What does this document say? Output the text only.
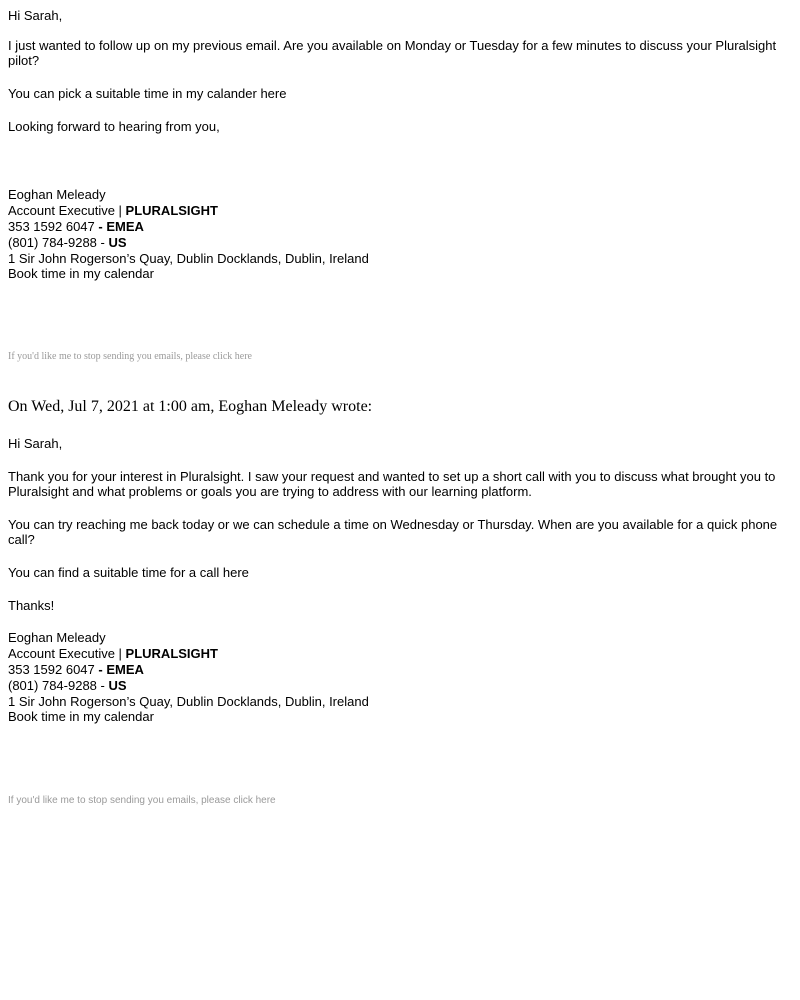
Hi Sarah,

I just wanted to follow up on my previous email. Are you available on Monday or Tuesday for a few minutes to discuss your Pluralsight pilot?

You can pick a suitable time in my calander here

Looking forward to hearing from you,

Eoghan Meleady
Account Executive | PLURALSIGHT
353 1592 6047 - EMEA
(801) 784-9288 - US
1 Sir John Rogerson’s Quay, Dublin Docklands, Dublin, Ireland
Book time in my calendar
If you'd like me to stop sending you emails, please click here
On Wed, Jul 7, 2021 at 1:00 am, Eoghan Meleady wrote:

Hi Sarah,

Thank you for your interest in Pluralsight. I saw your request and wanted to set up a short call with you to discuss what brought you to Pluralsight and what problems or goals you are trying to address with our learning platform.

You can try reaching me back today or we can schedule a time on Wednesday or Thursday. When are you available for a quick phone call?

You can find a suitable time for a call here

Thanks!

Eoghan Meleady
Account Executive | PLURALSIGHT
353 1592 6047 - EMEA
(801) 784-9288 - US
1 Sir John Rogerson’s Quay, Dublin Docklands, Dublin, Ireland
Book time in my calendar
If you'd like me to stop sending you emails, please click here
